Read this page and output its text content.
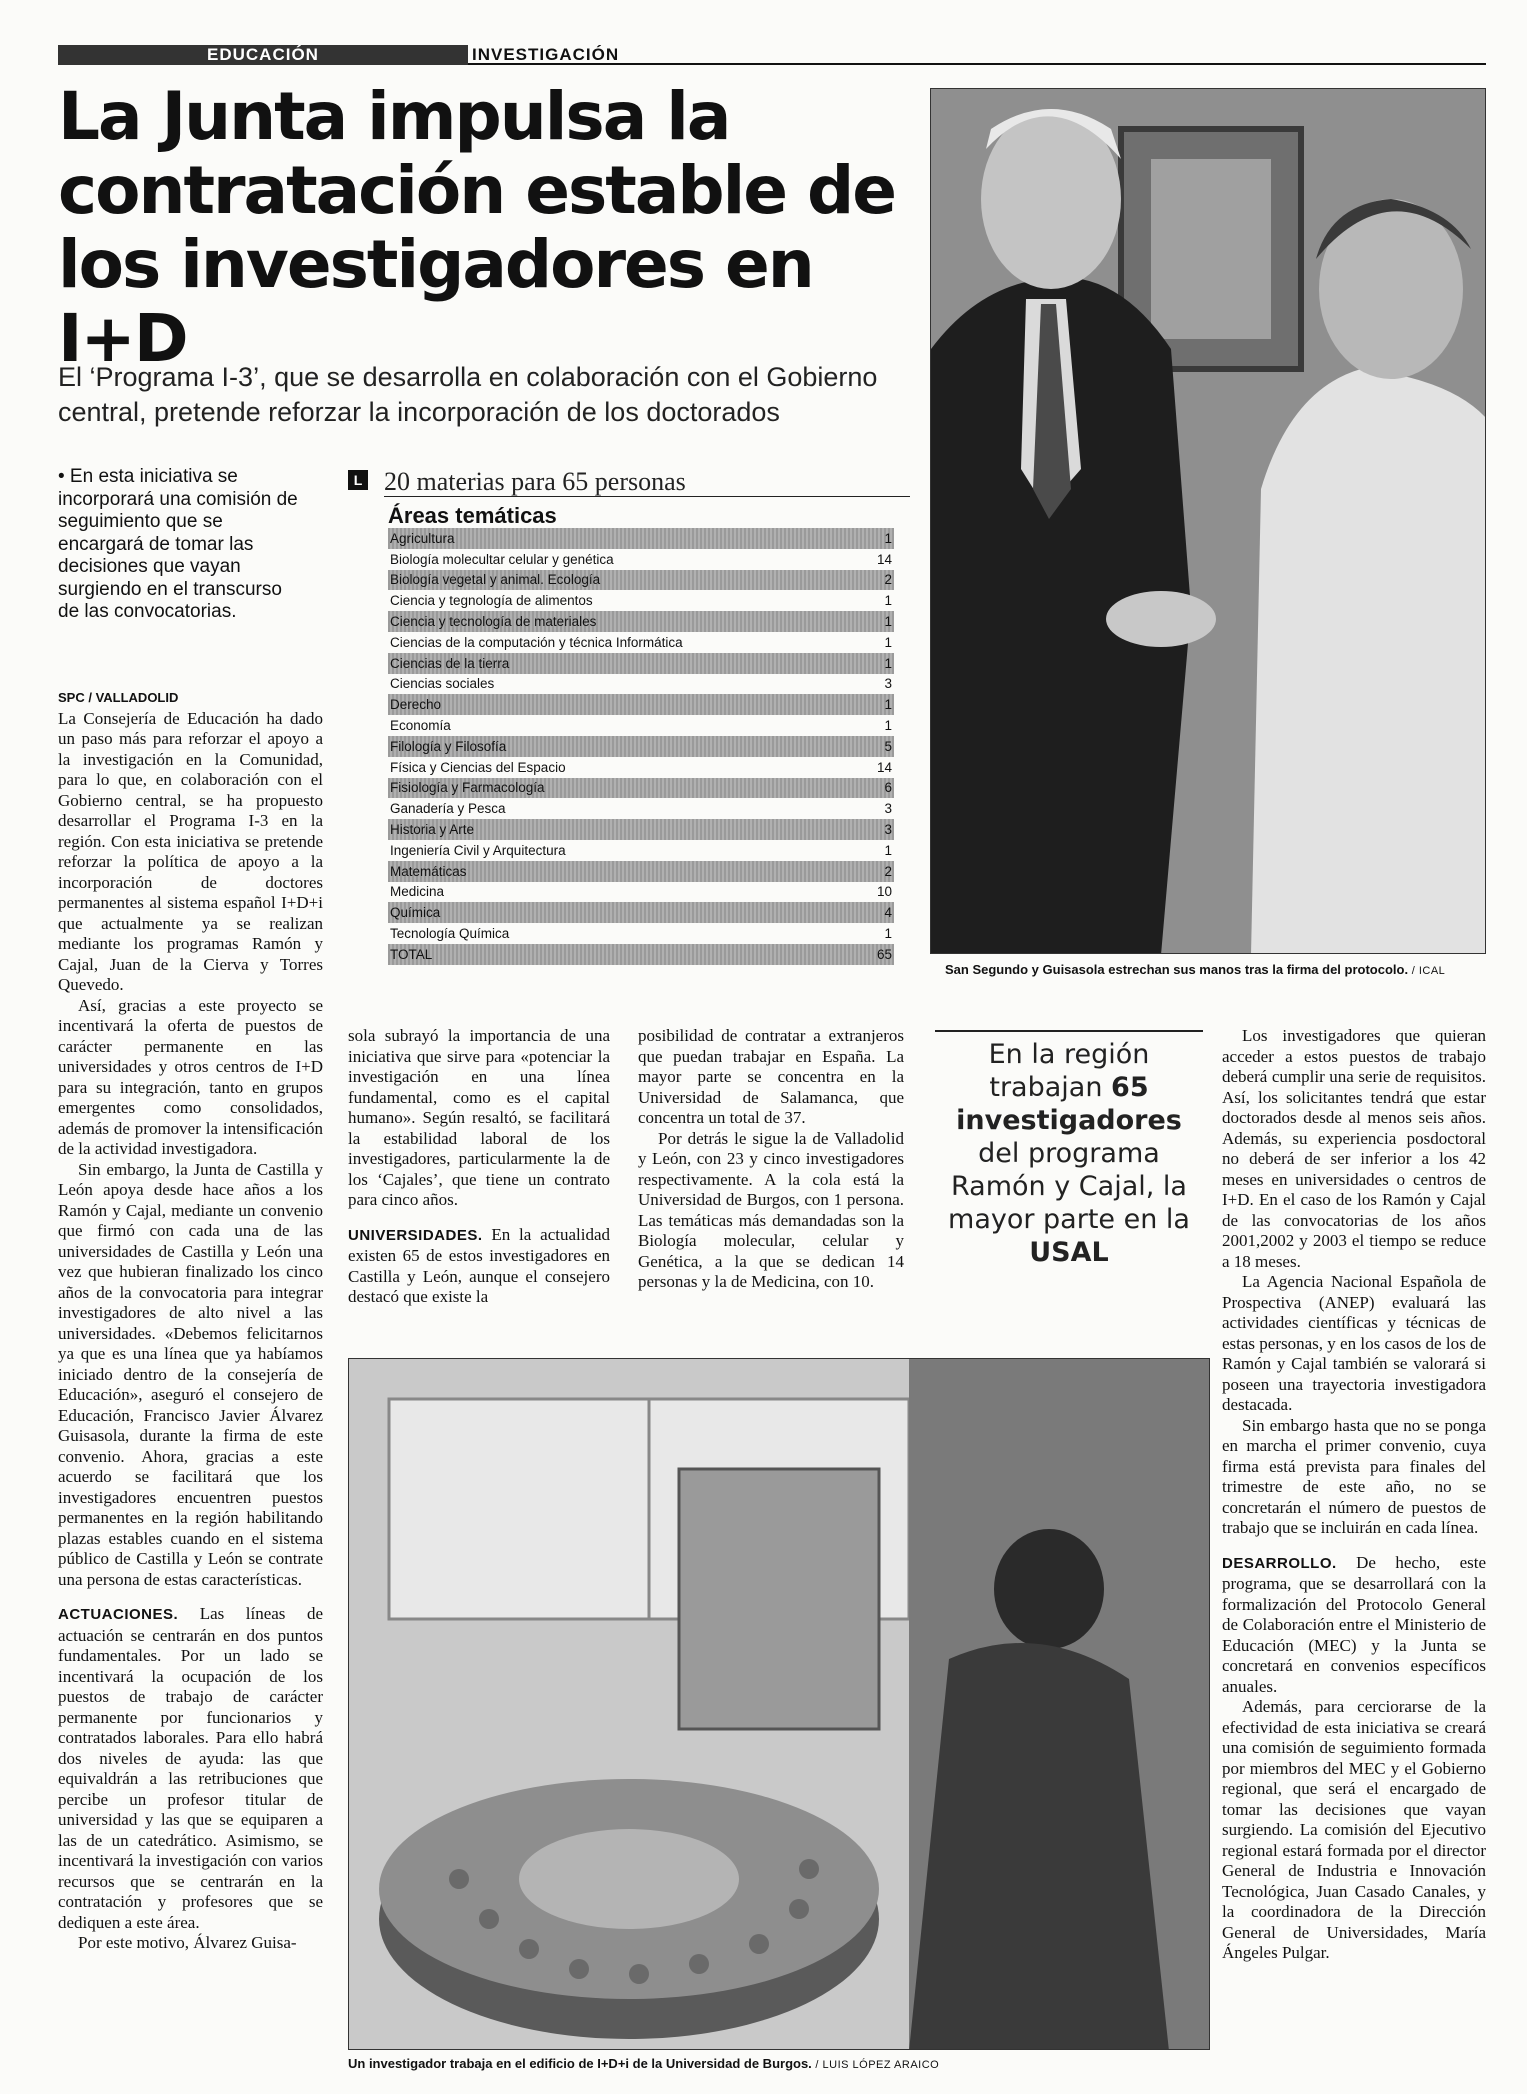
EDUCACIÓN	INVESTIGACIÓN
La Junta impulsa la contratación estable de los investigadores en I+D
El ‘Programa I-3’, que se desarrolla en colaboración con el Gobierno central, pretende reforzar la incorporación de los doctorados
• En esta iniciativa se incorporará una comisión de seguimiento que se encargará de tomar las decisiones que vayan surgiendo en el transcurso de las convocatorias.
San Segundo y Guisasola estrechan sus manos tras la firma del protocolo. / ICAL
L 20 materias para 65 personas
Áreas temáticas
Agricultura	1
Biología molecultar celular y genética	14
Biología vegetal y animal. Ecología	2
Ciencia y tegnología de alimentos	1
Ciencia y tecnología de materiales	1
Ciencias de la computación y técnica Informática	1
Ciencias de la tierra	1
Ciencias sociales	3
Derecho	1
Economía	1
Filología y Filosofía	5
Física y Ciencias del Espacio	14
Fisiología y Farmacología	6
Ganadería y Pesca	3
Historia y Arte	3
Ingeniería Civil y Arquitectura	1
Matemáticas	2
Medicina	10
Química	4
Tecnología Química	1
TOTAL	65
SPC / VALLADOLID

La Consejería de Educación ha dado un paso más para reforzar el apoyo a la investigación en la Comunidad, para lo que, en colaboración con el Gobierno central, se ha propuesto desarrollar el Programa I-3 en la región. Con esta iniciativa se pretende reforzar la política de apoyo a la incorporación de doctores permanentes al sistema español I+D+i que actualmente ya se realizan mediante los programas Ramón y Cajal, Juan de la Cierva y Torres Quevedo.

Así, gracias a este proyecto se incentivará la oferta de puestos de carácter permanente en las universidades y otros centros de I+D para su integración, tanto en grupos emergentes como consolidados, además de promover la intensificación de la actividad investigadora.

Sin embargo, la Junta de Castilla y León apoya desde hace años a los Ramón y Cajal, mediante un convenio que firmó con cada una de las universidades de Castilla y León una vez que hubieran finalizado los cinco años de la convocatoria para integrar investigadores de alto nivel a las universidades. «Debemos felicitarnos ya que es una línea que ya habíamos iniciado dentro de la consejería de Educación», aseguró el consejero de Educación, Francisco Javier Álvarez Guisasola, durante la firma de este convenio. Ahora, gracias a este acuerdo se facilitará que los investigadores encuentren puestos permanentes en la región habilitando plazas estables cuando en el sistema público de Castilla y León se contrate una persona de estas características.

ACTUACIONES. Las líneas de actuación se centrarán en dos puntos fundamentales. Por un lado se incentivará la ocupación de los puestos de trabajo de carácter permanente por funcionarios y contratados laborales. Para ello habrá dos niveles de ayuda: las que equivaldrán a las retribuciones que percibe un profesor titular de universidad y las que se equiparen a las de un catedrático. Asimismo, se incentivará la investigación con varios recursos que se centrarán en la contratación y profesores que se dediquen a este área.

Por este motivo, Álvarez Guisa-

sola subrayó la importancia de una iniciativa que sirve para «potenciar la investigación en una línea fundamental, como es el capital humano». Según resaltó, se facilitará la estabilidad laboral de los investigadores, particularmente la de los ‘Cajales’, que tiene un contrato para cinco años.

UNIVERSIDADES. En la actualidad existen 65 de estos investigadores en Castilla y León, aunque el consejero destacó que existe la

posibilidad de contratar a extranjeros que puedan trabajar en España. La mayor parte se concentra en la Universidad de Salamanca, que concentra un total de 37.

Por detrás le sigue la de Valladolid y León, con 23 y cinco investigadores respectivamente. A la cola está la Universidad de Burgos, con 1 persona. Las temáticas más demandadas son la Biología molecular, celular y Genética, a la que se dedican 14 personas y la de Medicina, con 10.

En la región trabajan 65 investigadores del programa Ramón y Cajal, la mayor parte en la USAL

Los investigadores que quieran acceder a estos puestos de trabajo deberá cumplir una serie de requisitos. Así, los solicitantes tendrá que estar doctorados desde al menos seis años. Además, su experiencia posdoctoral no deberá de ser inferior a los 42 meses en universidades o centros de I+D. En el caso de los Ramón y Cajal de las convocatorias de los años 2001,2002 y 2003 el tiempo se reduce a 18 meses.

La Agencia Nacional Española de Prospectiva (ANEP) evaluará las actividades científicas y técnicas de estas personas, y en los casos de los de Ramón y Cajal también se valorará si poseen una trayectoria investigadora destacada.

Sin embargo hasta que no se ponga en marcha el primer convenio, cuya firma está prevista para finales del trimestre de este año, no se concretarán el número de puestos de trabajo que se incluirán en cada línea.

DESARROLLO. De hecho, este programa, que se desarrollará con la formalización del Protocolo General de Colaboración entre el Ministerio de Educación (MEC) y la Junta se concretará en convenios específicos anuales.

Además, para cerciorarse de la efectividad de esta iniciativa se creará una comisión de seguimiento formada por miembros del MEC y el Gobierno regional, que será el encargado de tomar las decisiones que vayan surgiendo. La comisión del Ejecutivo regional estará formada por el director General de Industria e Innovación Tecnológica, Juan Casado Canales, y la coordinadora de la Dirección General de Universidades, María Ángeles Pulgar.

Un investigador trabaja en el edificio de I+D+i de la Universidad de Burgos. / LUIS LÓPEZ ARAICO
